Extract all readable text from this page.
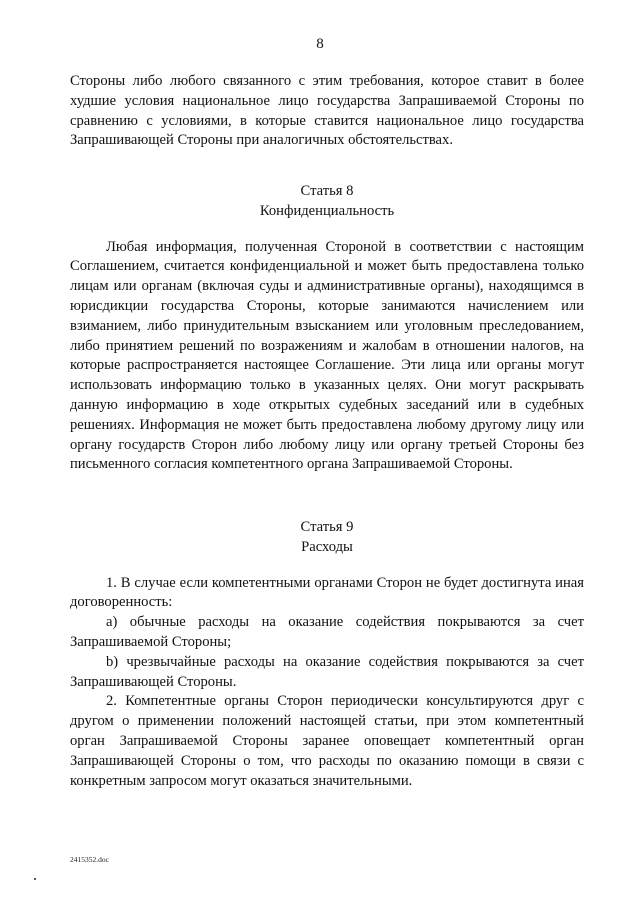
8

Стороны либо любого связанного с этим требования, которое ставит в более худшие условия национальное лицо государства Запрашиваемой Стороны по сравнению с условиями, в которые ставится национальное лицо государства Запрашивающей Стороны при аналогичных обстоятельствах.

Статья 8

Конфиденциальность

Любая информация, полученная Стороной в соответствии с настоящим Соглашением, считается конфиденциальной и может быть предоставлена только лицам или органам (включая суды и административные органы), находящимся в юрисдикции государства Стороны, которые занимаются начислением или взиманием, либо принудительным взысканием или уголовным преследованием, либо принятием решений по возражениям и жалобам в отношении налогов, на которые распространяется настоящее Соглашение. Эти лица или органы могут использовать информацию только в указанных целях. Они могут раскрывать данную информацию в ходе открытых судебных заседаний или в судебных решениях. Информация не может быть предоставлена любому другому лицу или органу государств Сторон либо любому лицу или органу третьей Стороны без письменного согласия компетентного органа Запрашиваемой Стороны.

Статья 9

Расходы

1. В случае если компетентными органами Сторон не будет достигнута иная договоренность:

а) обычные расходы на оказание содействия покрываются за счет Запрашиваемой Стороны;

b) чрезвычайные расходы на оказание содействия покрываются за счет Запрашивающей Стороны.

2. Компетентные органы Сторон периодически консультируются друг с другом о применении положений настоящей статьи, при этом компетентный орган Запрашиваемой Стороны заранее оповещает компетентный орган Запрашивающей Стороны о том, что расходы по оказанию помощи в связи с конкретным запросом могут оказаться значительными.

2415352.doc
